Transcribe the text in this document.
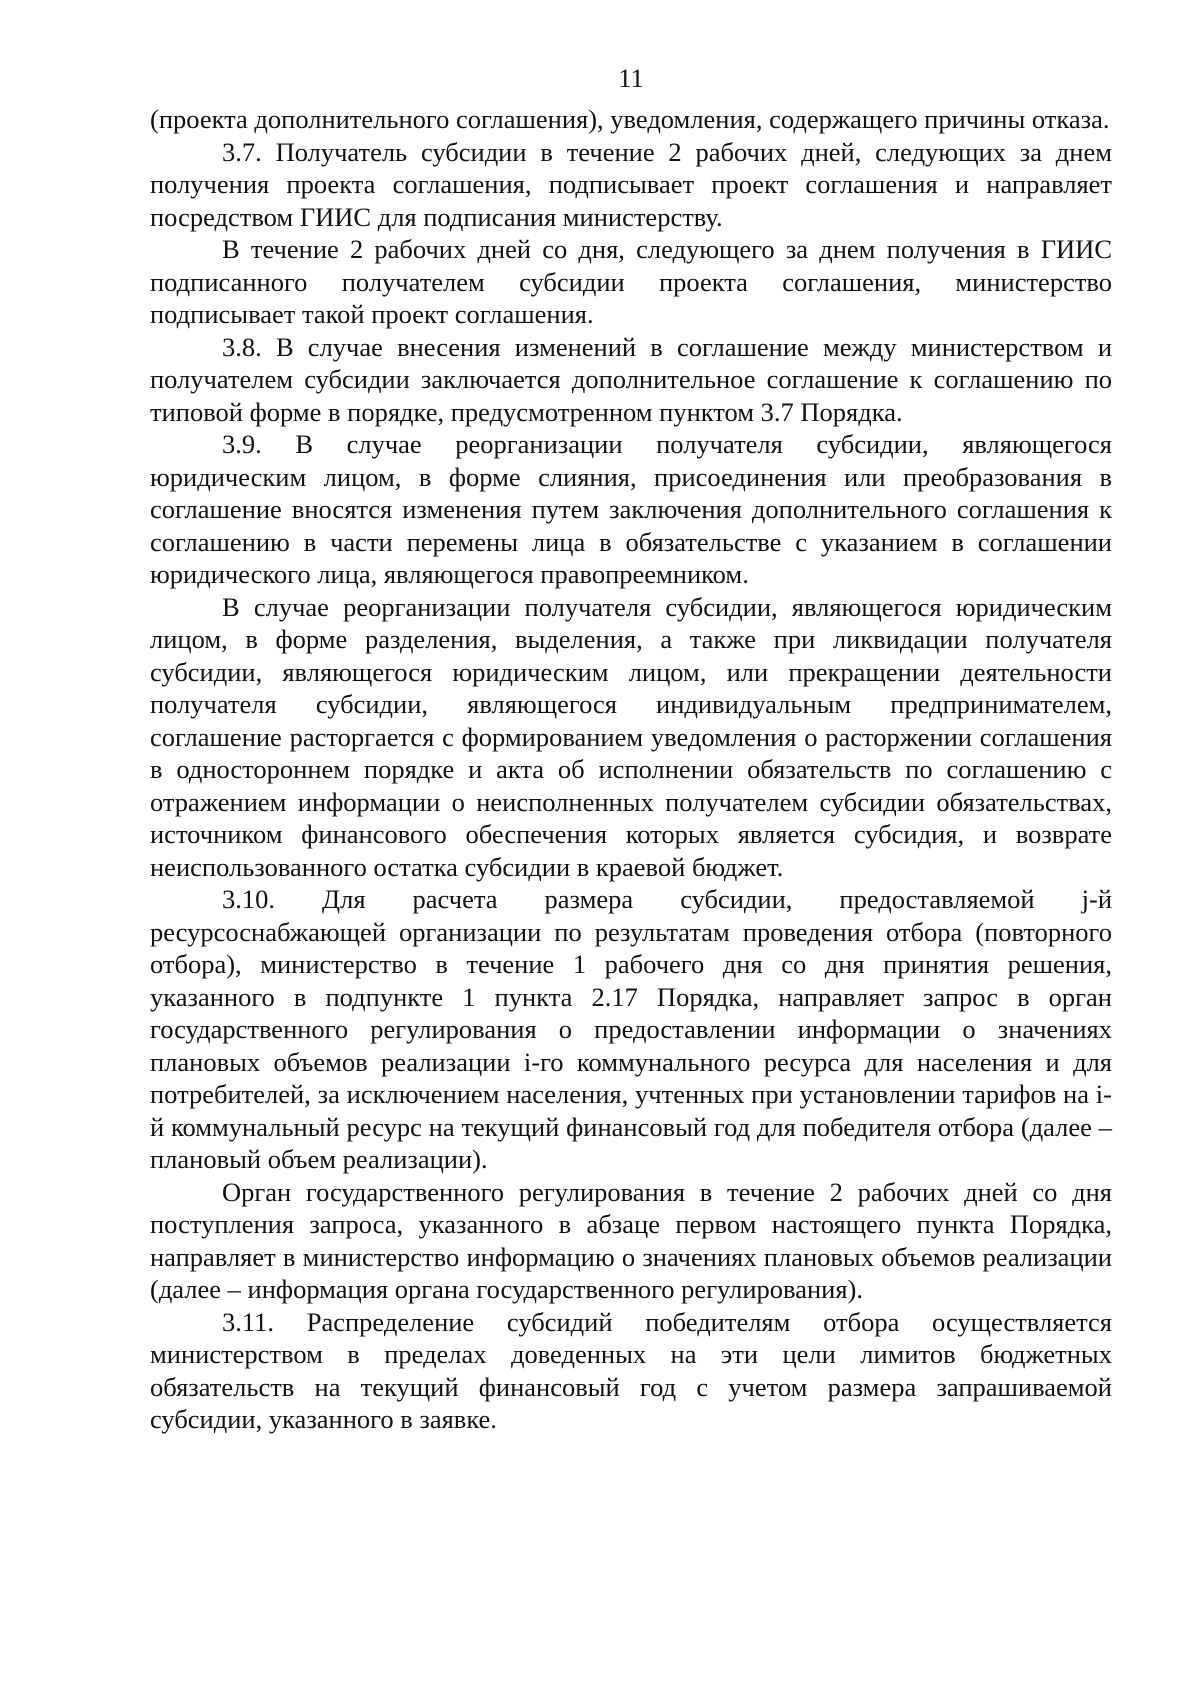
11

(проекта дополнительного соглашения), уведомления, содержащего причины отказа.

3.7. Получатель субсидии в течение 2 рабочих дней, следующих за днем получения проекта соглашения, подписывает проект соглашения и направляет посредством ГИИС для подписания министерству.

В течение 2 рабочих дней со дня, следующего за днем получения в ГИИС подписанного получателем субсидии проекта соглашения, министерство подписывает такой проект соглашения.

3.8. В случае внесения изменений в соглашение между министерством и получателем субсидии заключается дополнительное соглашение к соглашению по типовой форме в порядке, предусмотренном пунктом 3.7 Порядка.

3.9. В случае реорганизации получателя субсидии, являющегося юридическим лицом, в форме слияния, присоединения или преобразования в соглашение вносятся изменения путем заключения дополнительного соглашения к соглашению в части перемены лица в обязательстве с указанием в соглашении юридического лица, являющегося правопреемником.

В случае реорганизации получателя субсидии, являющегося юридическим лицом, в форме разделения, выделения, а также при ликвидации получателя субсидии, являющегося юридическим лицом, или прекращении деятельности получателя субсидии, являющегося индивидуальным предпринимателем, соглашение расторгается с формированием уведомления о расторжении соглашения в одностороннем порядке и акта об исполнении обязательств по соглашению с отражением информации о неисполненных получателем субсидии обязательствах, источником финансового обеспечения которых является субсидия, и возврате неиспользованного остатка субсидии в краевой бюджет.

3.10. Для расчета размера субсидии, предоставляемой j-й ресурсоснабжающей организации по результатам проведения отбора (повторного отбора), министерство в течение 1 рабочего дня со дня принятия решения, указанного в подпункте 1 пункта 2.17 Порядка, направляет запрос в орган государственного регулирования о предоставлении информации о значениях плановых объемов реализации i-го коммунального ресурса для населения и для потребителей, за исключением населения, учтенных при установлении тарифов на i-й коммунальный ресурс на текущий финансовый год для победителя отбора (далее – плановый объем реализации).

Орган государственного регулирования в течение 2 рабочих дней со дня поступления запроса, указанного в абзаце первом настоящего пункта Порядка, направляет в министерство информацию о значениях плановых объемов реализации (далее – информация органа государственного регулирования).

3.11. Распределение субсидий победителям отбора осуществляется министерством в пределах доведенных на эти цели лимитов бюджетных обязательств на текущий финансовый год с учетом размера запрашиваемой субсидии, указанного в заявке.
